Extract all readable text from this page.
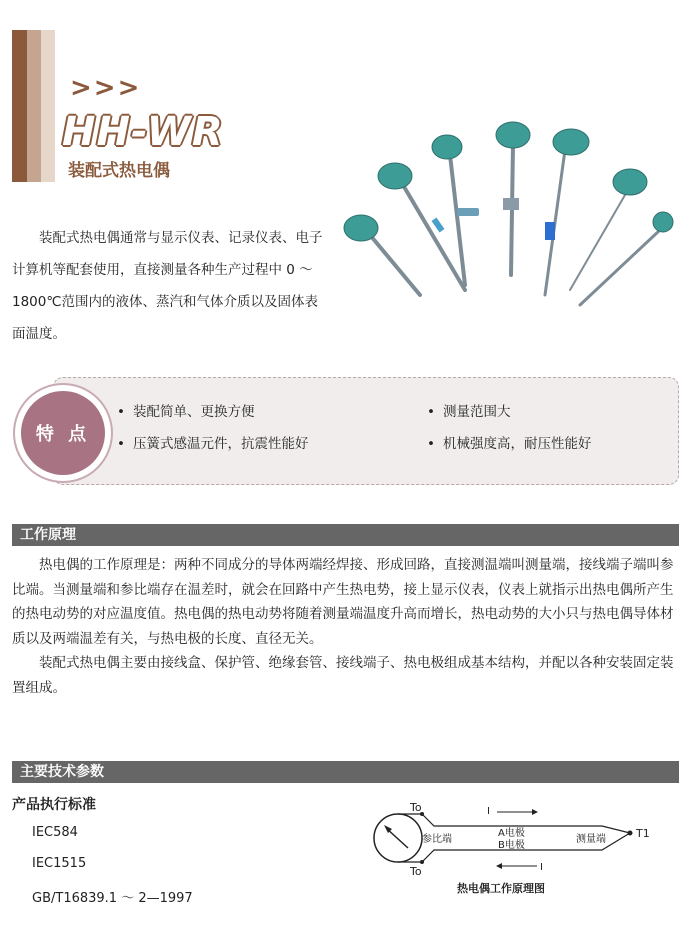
>>>
HH-WR
装配式热电偶

装配式热电偶通常与显示仪表、记录仪表、电子计算机等配套使用，直接测量各种生产过程中 0 ～ 1800℃范围内的液体、蒸汽和气体介质以及固体表面温度。

特 点
• 装配简单、更换方便	• 测量范围大
• 压簧式感温元件，抗震性能好	• 机械强度高，耐压性能好
工作原理

热电偶的工作原理是：两种不同成分的导体两端经焊接、形成回路，直接测温端叫测量端，接线端子端叫参比端。当测量端和参比端存在温差时，就会在回路中产生热电势，接上显示仪表，仪表上就指示出热电偶所产生的热电动势的对应温度值。热电偶的热电动势将随着测量端温度升高而增长，热电动势的大小只与热电偶导体材质以及两端温差有关，与热电极的长度、直径无关。

装配式热电偶主要由接线盒、保护管、绝缘套管、接线端子、热电极组成基本结构，并配以各种安装固定装置组成。

主要技术参数
产品执行标准
IEC584
IEC1515
GB/T16839.1 ～ 2—1997
To
To
参比端
A电极
B电极
测量端	T1
I
I
热电偶工作原理图
